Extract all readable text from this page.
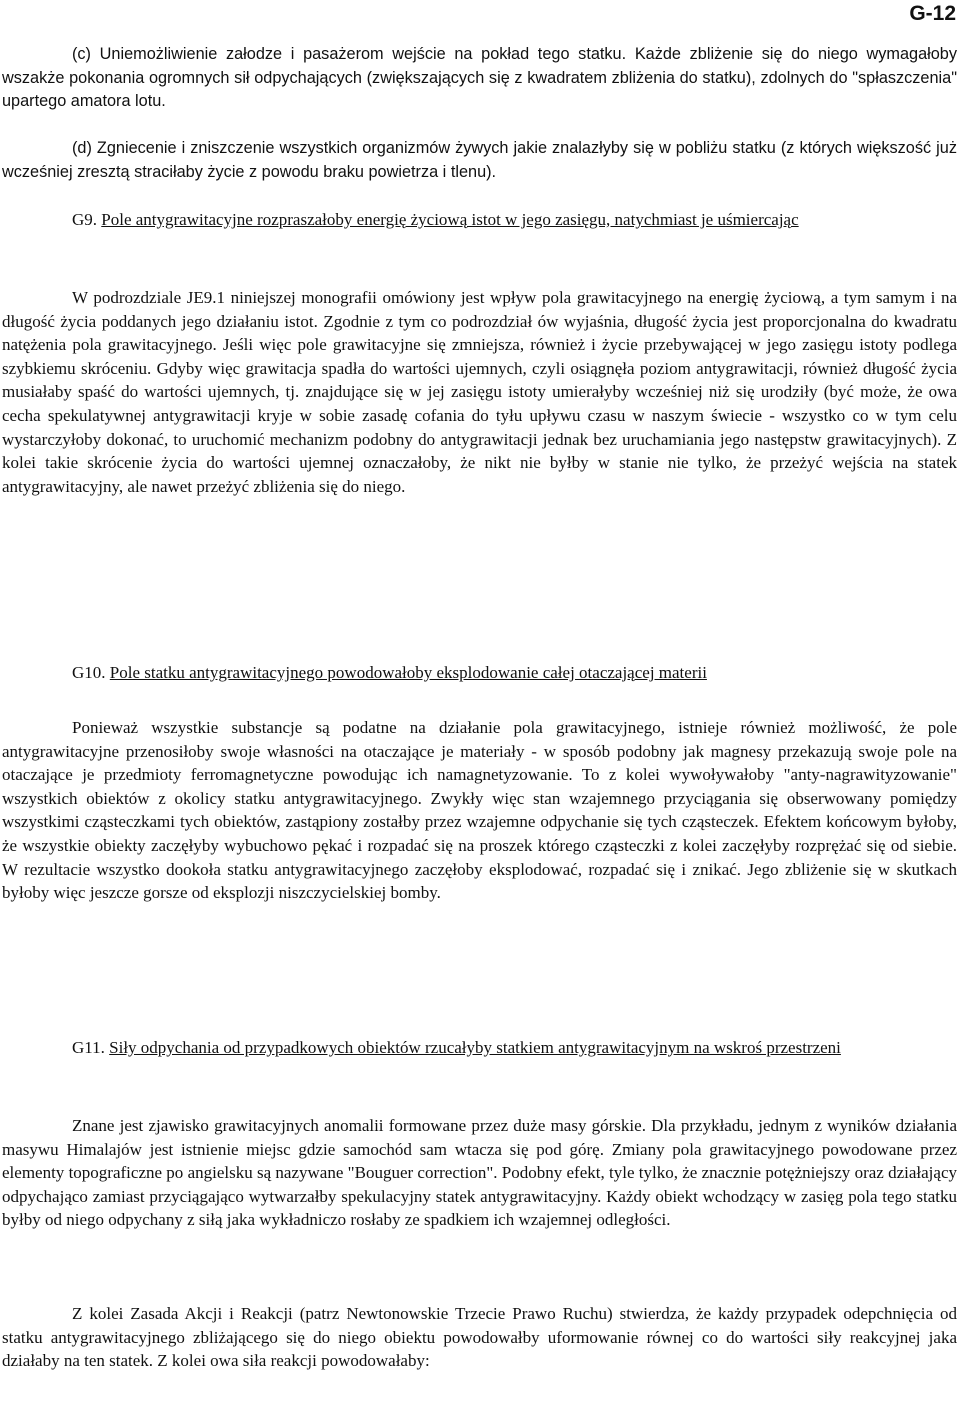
G-12

(c) Uniemożliwienie załodze i pasażerom wejście na pokład tego statku. Każde zbliżenie się do niego wymagałoby wszakże pokonania ogromnych sił odpychających (zwiększających się z kwadratem zbliżenia do statku), zdolnych do "spłaszczenia" upartego amatora lotu.

(d) Zgniecenie i zniszczenie wszystkich organizmów żywych jakie znalazłyby się w pobliżu statku (z których większość już wcześniej zresztą straciłaby życie z powodu braku powietrza i tlenu).

G9. Pole antygrawitacyjne rozpraszałoby energię życiową istot w jego zasięgu, natychmiast je uśmiercając

W podrozdziale JE9.1 niniejszej monografii omówiony jest wpływ pola grawitacyjnego na energię życiową, a tym samym i na długość życia poddanych jego działaniu istot. Zgodnie z tym co podrozdział ów wyjaśnia, długość życia jest proporcjonalna do kwadratu natężenia pola grawitacyjnego. Jeśli więc pole grawitacyjne się zmniejsza, również i życie przebywającej w jego zasięgu istoty podlega szybkiemu skróceniu. Gdyby więc grawitacja spadła do wartości ujemnych, czyli osiągnęła poziom antygrawitacji, również długość życia musiałaby spaść do wartości ujemnych, tj. znajdujące się w jej zasięgu istoty umierałyby wcześniej niż się urodziły (być może, że owa cecha spekulatywnej antygrawitacji kryje w sobie zasadę cofania do tyłu upływu czasu w naszym świecie - wszystko co w tym celu wystarczyłoby dokonać, to uruchomić mechanizm podobny do antygrawitacji jednak bez uruchamiania jego następstw grawitacyjnych). Z kolei takie skrócenie życia do wartości ujemnej oznaczałoby, że nikt nie byłby w stanie nie tylko, że przeżyć wejścia na statek antygrawitacyjny, ale nawet przeżyć zbliżenia się do niego.

G10. Pole statku antygrawitacyjnego powodowałoby eksplodowanie całej otaczającej materii

Ponieważ wszystkie substancje są podatne na działanie pola grawitacyjnego, istnieje również możliwość, że pole antygrawitacyjne przenosiłoby swoje własności na otaczające je materiały - w sposób podobny jak magnesy przekazują swoje pole na otaczające je przedmioty ferromagnetyczne powodując ich namagnetyzowanie. To z kolei wywoływałoby "anty-nagrawityzowanie" wszystkich obiektów z okolicy statku antygrawitacyjnego. Zwykły więc stan wzajemnego przyciągania się obserwowany pomiędzy wszystkimi cząsteczkami tych obiektów, zastąpiony zostałby przez wzajemne odpychanie się tych cząsteczek. Efektem końcowym byłoby, że wszystkie obiekty zaczęłyby wybuchowo pękać i rozpadać się na proszek którego cząsteczki z kolei zaczęłyby rozprężać się od siebie. W rezultacie wszystko dookoła statku antygrawitacyjnego zaczęłoby eksplodować, rozpadać się i znikać. Jego zbliżenie się w skutkach byłoby więc jeszcze gorsze od eksplozji niszczycielskiej bomby.

G11. Siły odpychania od przypadkowych obiektów rzucałyby statkiem antygrawitacyjnym na wskroś przestrzeni

Znane jest zjawisko grawitacyjnych anomalii formowane przez duże masy górskie. Dla przykładu, jednym z wyników działania masywu Himalajów jest istnienie miejsc gdzie samochód sam wtacza się pod górę. Zmiany pola grawitacyjnego powodowane przez elementy topograficzne po angielsku są nazywane "Bouguer correction". Podobny efekt, tyle tylko, że znacznie potężniejszy oraz działający odpychająco zamiast przyciągająco wytwarzałby spekulacyjny statek antygrawitacyjny. Każdy obiekt wchodzący w zasięg pola tego statku byłby od niego odpychany z siłą jaka wykładniczo rosłaby ze spadkiem ich wzajemnej odległości.

Z kolei Zasada Akcji i Reakcji (patrz Newtonowskie Trzecie Prawo Ruchu) stwierdza, że każdy przypadek odepchnięcia od statku antygrawitacyjnego zbliżającego się do niego obiektu powodowałby uformowanie równej co do wartości siły reakcyjnej jaka działaby na ten statek. Z kolei owa siła reakcji powodowałaby:
